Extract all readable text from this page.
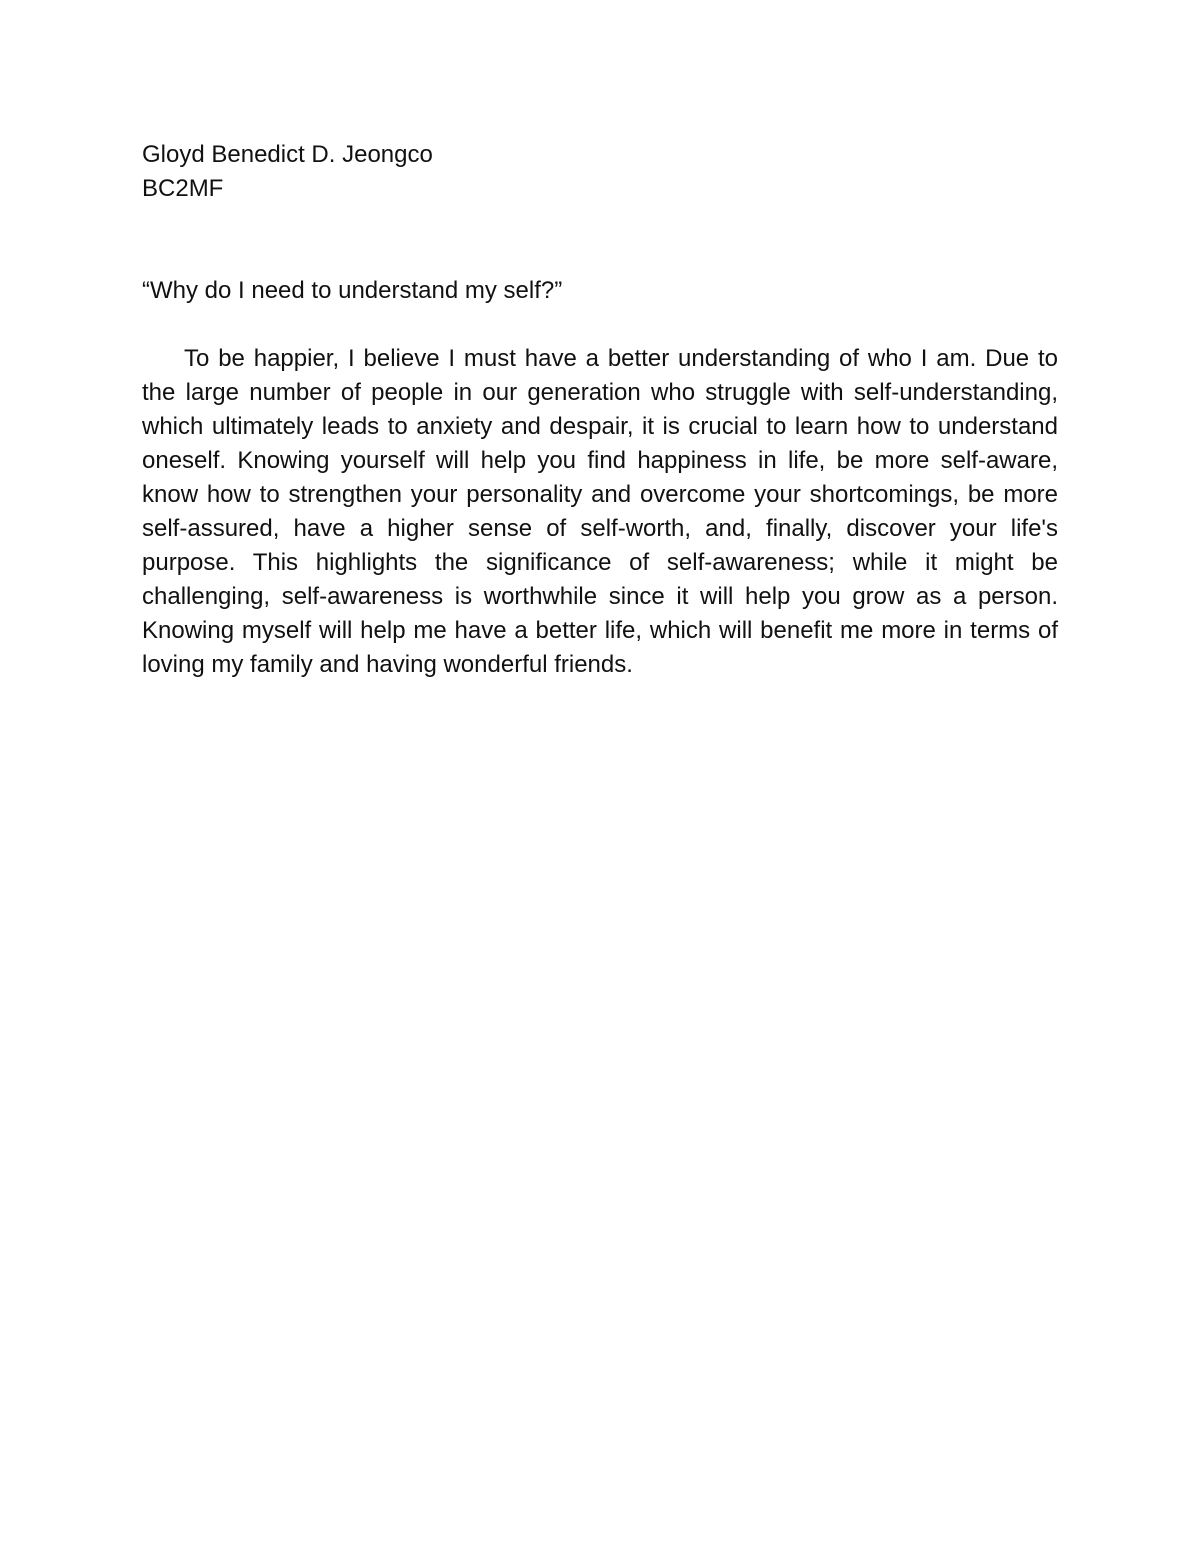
Gloyd Benedict D. Jeongco

BC2MF

“Why do I need to understand my self?”

To be happier, I believe I must have a better understanding of who I am. Due to the large number of people in our generation who struggle with self-understanding, which ultimately leads to anxiety and despair, it is crucial to learn how to understand oneself. Knowing yourself will help you find happiness in life, be more self-aware, know how to strengthen your personality and overcome your shortcomings, be more self-assured, have a higher sense of self-worth, and, finally, discover your life's purpose. This highlights the significance of self-awareness; while it might be challenging, self-awareness is worthwhile since it will help you grow as a person. Knowing myself will help me have a better life, which will benefit me more in terms of loving my family and having wonderful friends.
